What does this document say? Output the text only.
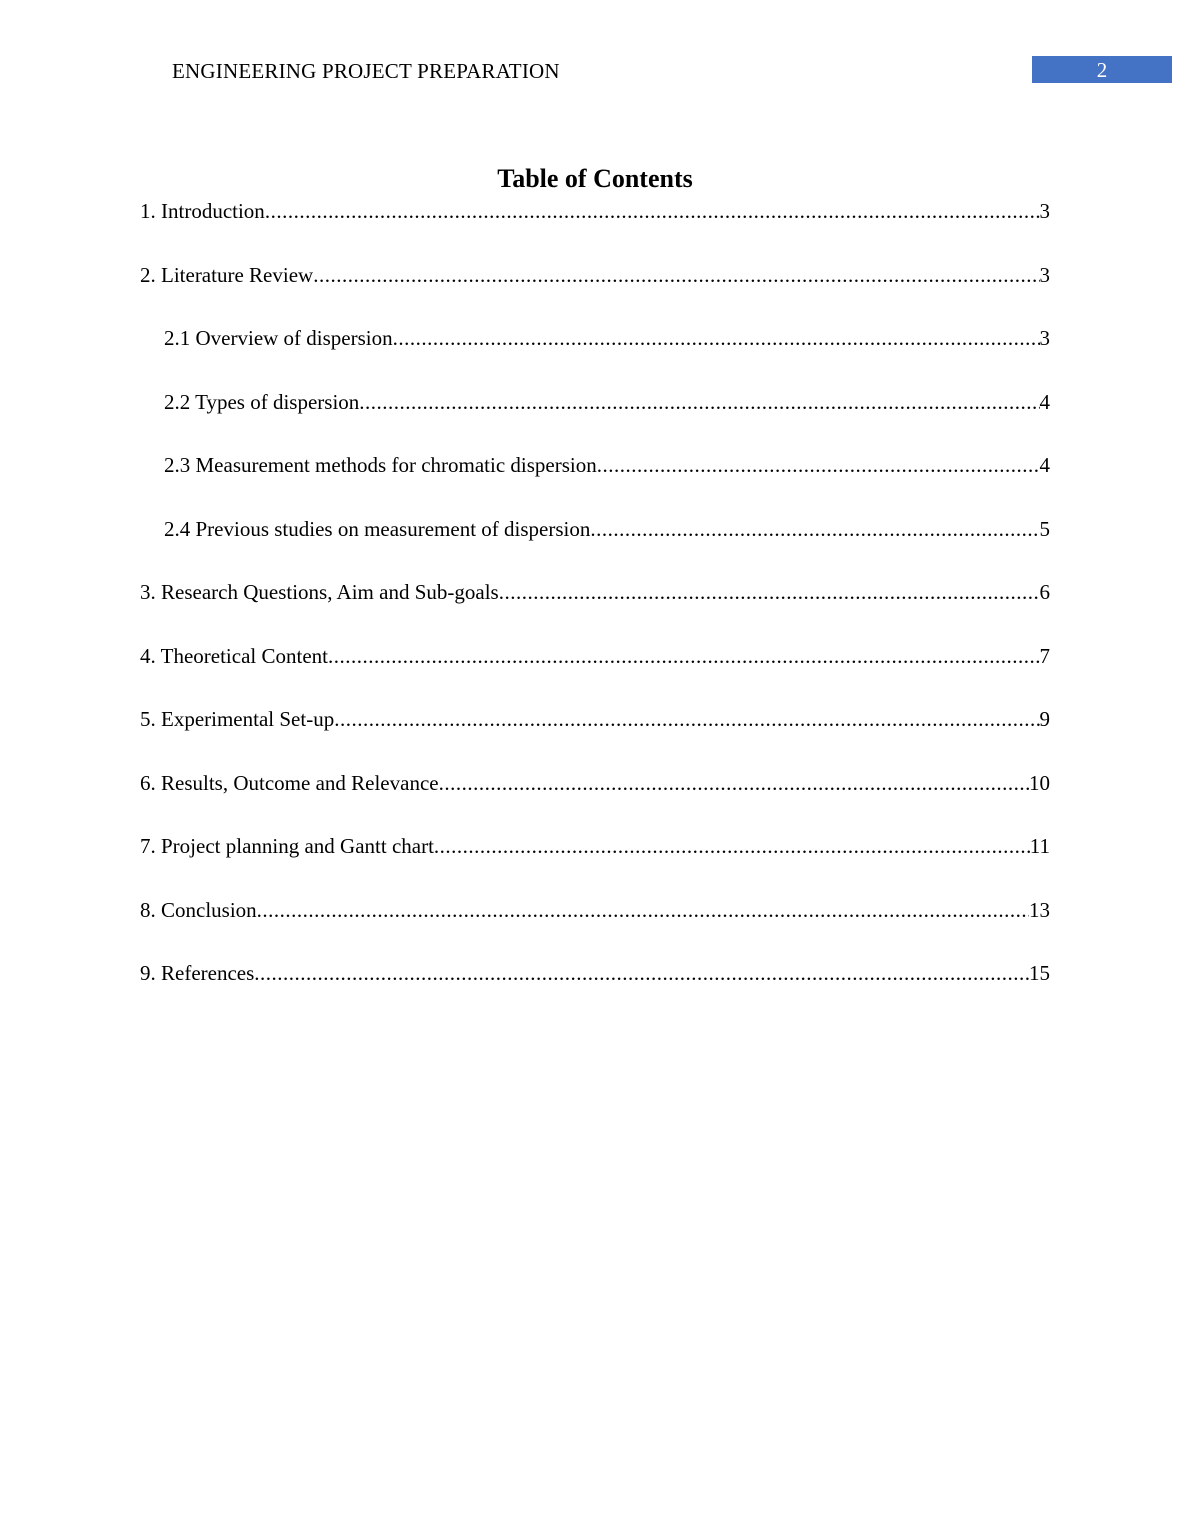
ENGINEERING PROJECT PREPARATION	2
Table of Contents
1. Introduction .....	3
2. Literature Review .....	3
2.1 Overview of dispersion .....	3
2.2 Types of dispersion .....	4
2.3 Measurement methods for chromatic dispersion .....	4
2.4 Previous studies on measurement of dispersion .....	5
3. Research Questions, Aim and Sub-goals .....	6
4. Theoretical Content .....	7
5. Experimental Set-up .....	9
6. Results, Outcome and Relevance .....	10
7. Project planning and Gantt chart .....	11
8. Conclusion .....	13
9. References .....	15
